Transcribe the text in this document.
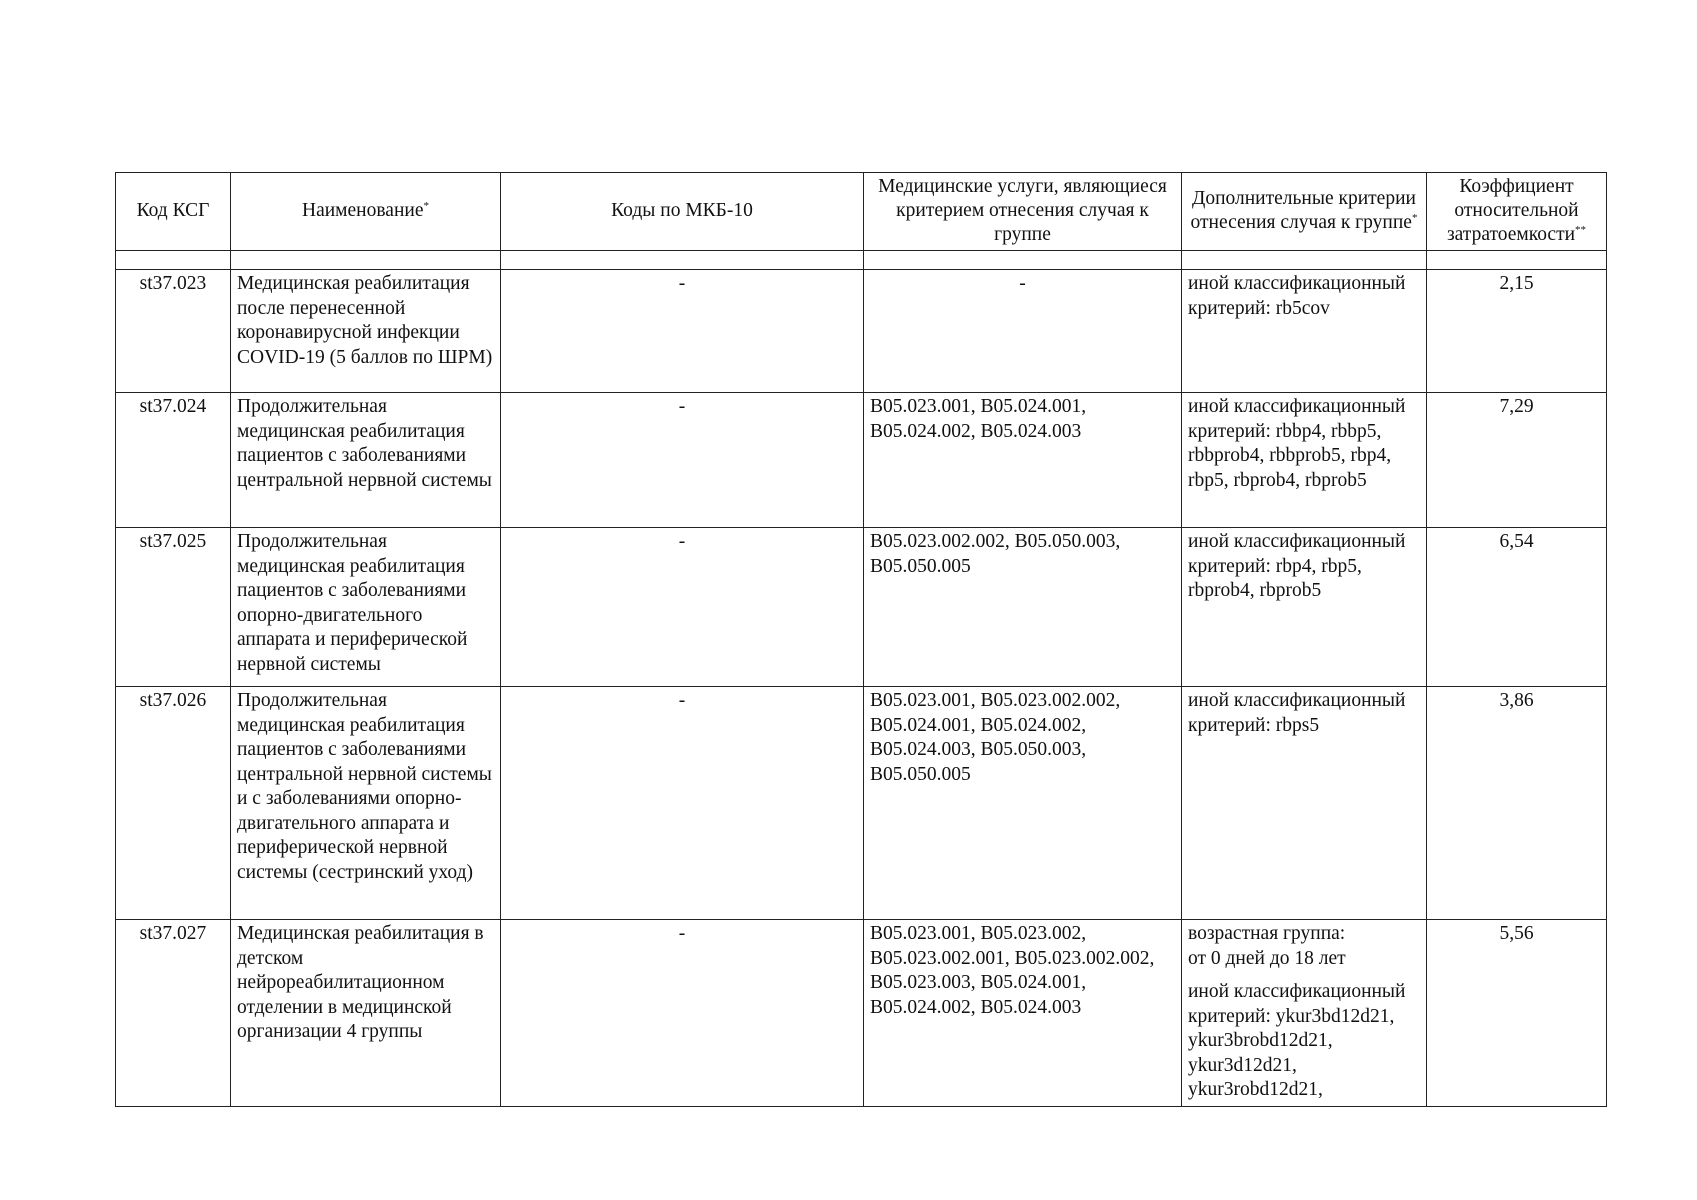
Код КСГ	Наименование*	Коды по МКБ-10	Медицинские услуги, являющиеся критерием отнесения случая к группе	Дополнительные критерии отнесения случая к группе*	Коэффициент относительной затратоемкости**

st37.023	Медицинская реабилитация после перенесенной коронавирусной инфекции COVID-19 (5 баллов по ШРМ)	-	-	иной классификационный критерий: rb5cov	2,15
st37.024	Продолжительная медицинская реабилитация пациентов с заболеваниями центральной нервной системы	-	B05.023.001, B05.024.001, B05.024.002, B05.024.003	иной классификационный критерий: rbbp4, rbbp5, rbbprob4, rbbprob5, rbp4, rbp5, rbprob4, rbprob5	7,29
st37.025	Продолжительная медицинская реабилитация пациентов с заболеваниями опорно-двигательного аппарата и периферической нервной системы	-	B05.023.002.002, B05.050.003, B05.050.005	иной классификационный критерий: rbp4, rbp5, rbprob4, rbprob5	6,54
st37.026	Продолжительная медицинская реабилитация пациентов с заболеваниями центральной нервной системы и с заболеваниями опорно-двигательного аппарата и периферической нервной системы (сестринский уход)	-	B05.023.001, B05.023.002.002, B05.024.001, B05.024.002, B05.024.003, B05.050.003, B05.050.005	иной классификационный критерий: rbps5	3,86
st37.027	Медицинская реабилитация в детском нейрореабилитационном отделении в медицинской организации 4 группы	-	B05.023.001, B05.023.002, B05.023.002.001, B05.023.002.002, B05.023.003, B05.024.001, B05.024.002, B05.024.003	возрастная группа:
от 0 дней до 18 лет
иной классификационный критерий: ykur3bd12d21, ykur3brobd12d21, ykur3d12d21, ykur3robd12d21,	5,56
